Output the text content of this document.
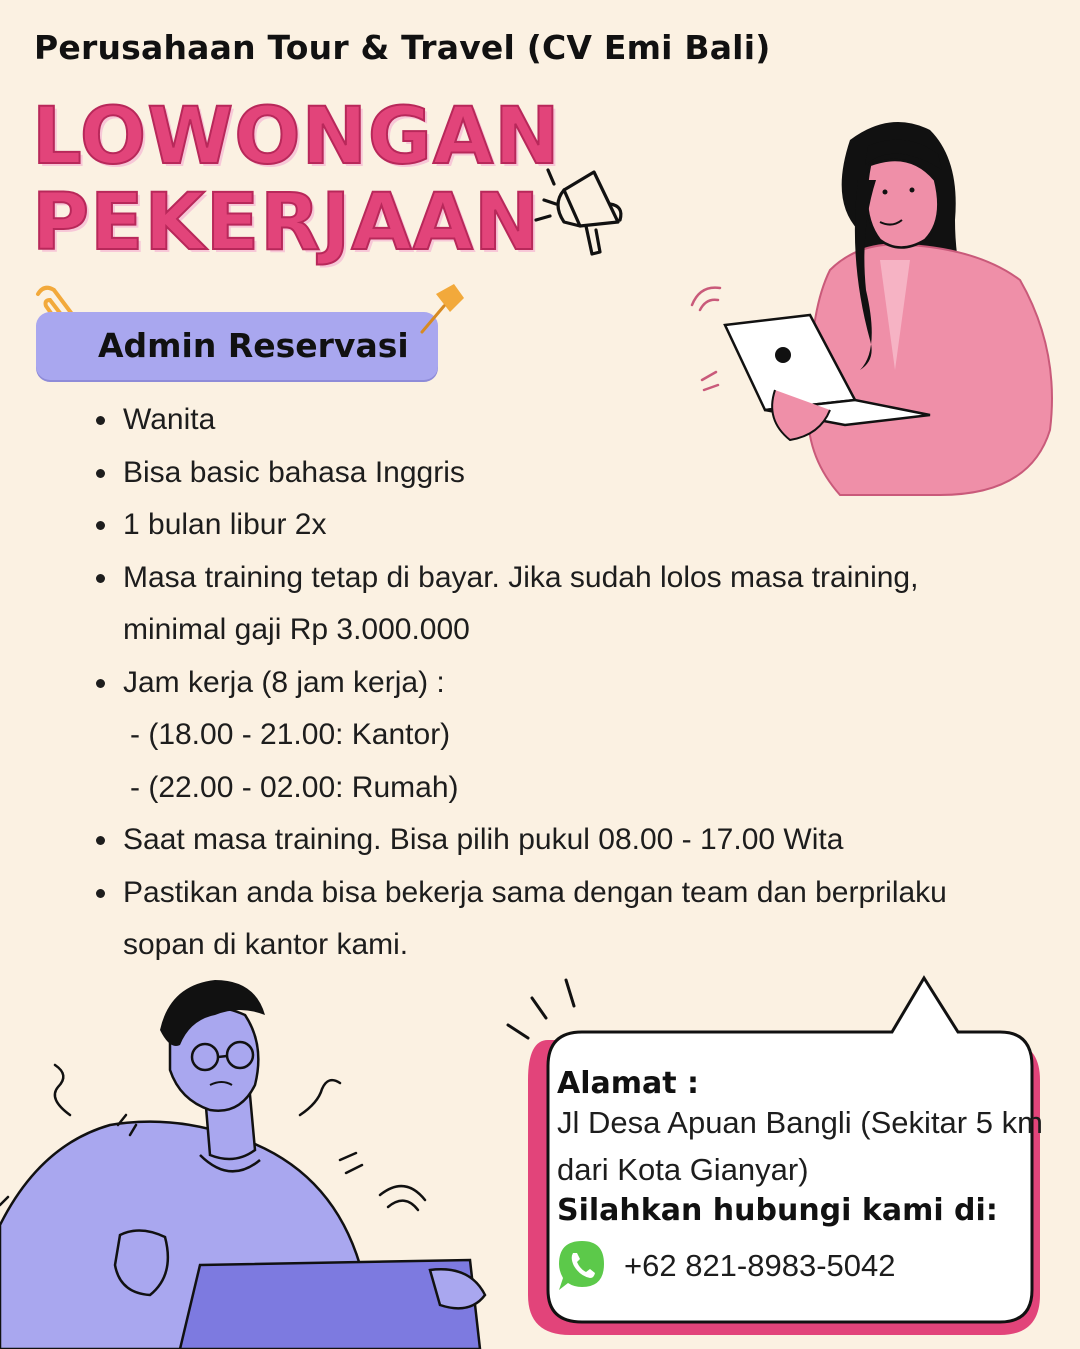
Perusahaan Tour & Travel (CV Emi Bali)
LOWONGAN
PEKERJAAN
Admin Reservasi
Wanita
Bisa basic bahasa Inggris
1 bulan libur 2x
Masa training tetap di bayar. Jika sudah lolos masa training,
minimal gaji Rp 3.000.000
Jam kerja (8 jam kerja) :
- (18.00 - 21.00: Kantor)
- (22.00 - 02.00: Rumah)
Saat masa training. Bisa pilih pukul 08.00 - 17.00 Wita
Pastikan anda bisa bekerja sama dengan team dan berprilaku
sopan di kantor kami.
Alamat :
Jl Desa Apuan Bangli (Sekitar 5 km
dari Kota Gianyar)
Silahkan hubungi kami di:
+62 821-8983-5042
